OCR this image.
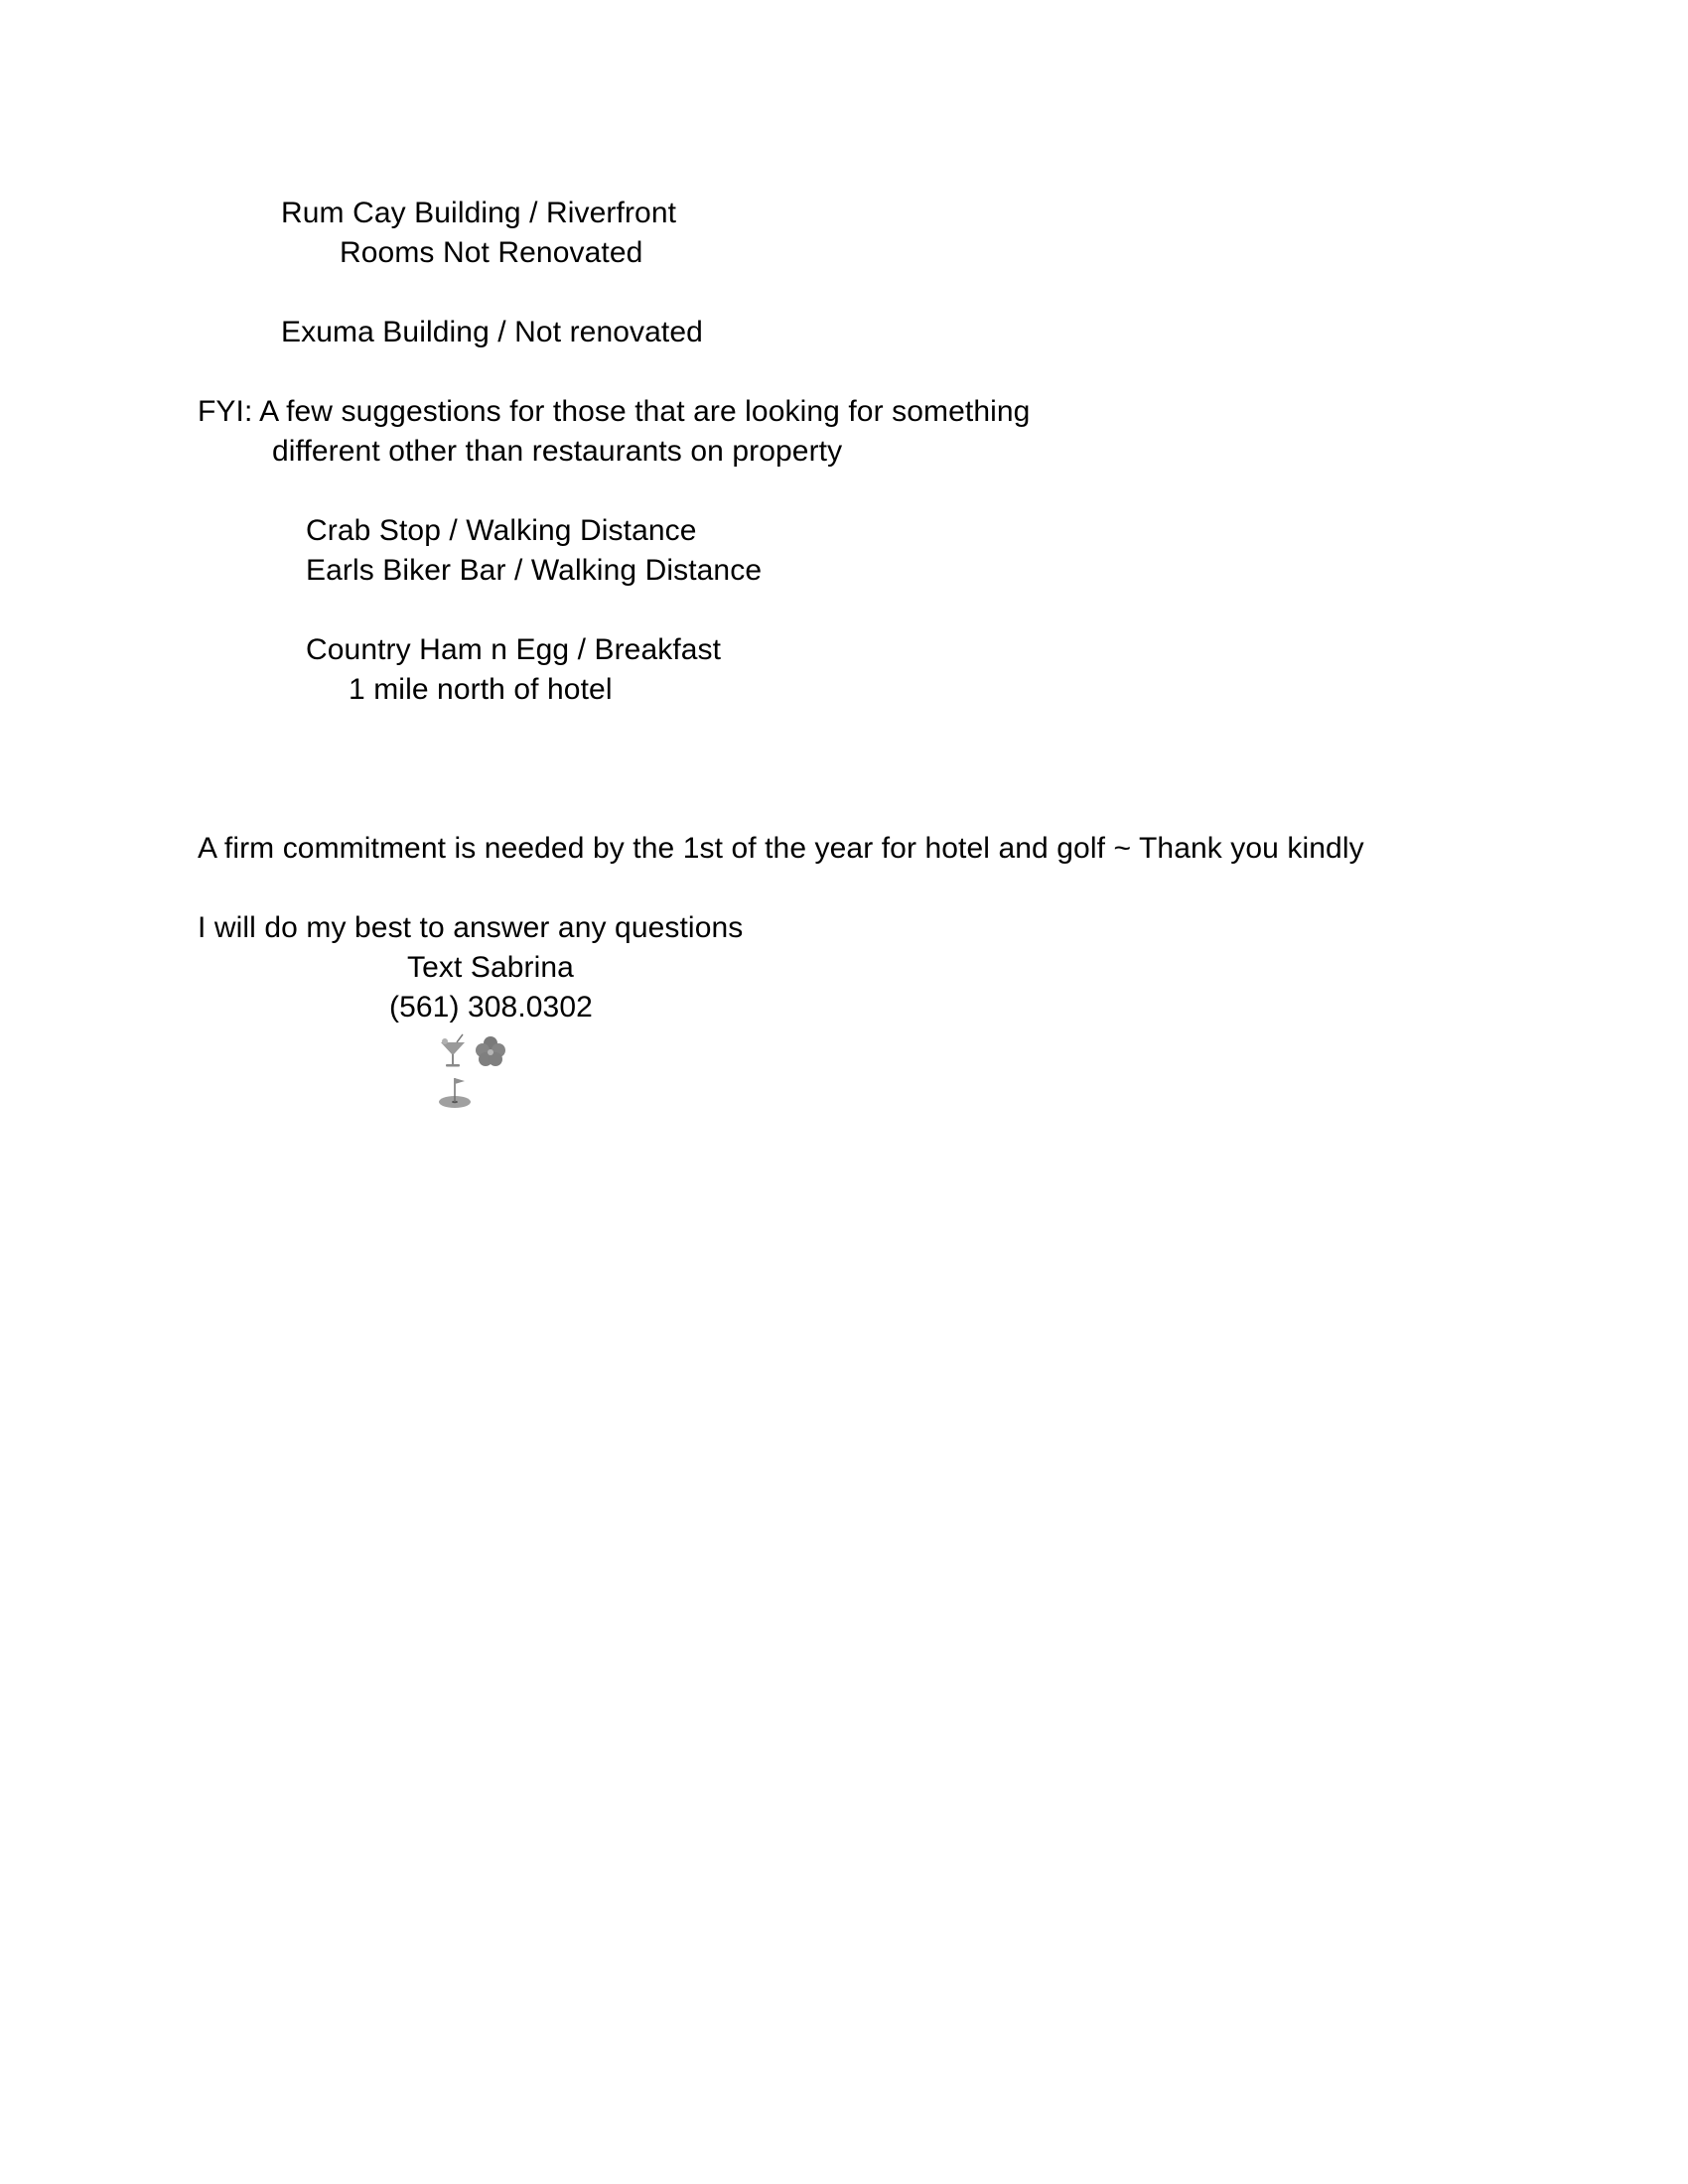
Rum Cay Building / Riverfront
Rooms Not Renovated
Exuma Building / Not renovated
FYI: A few suggestions for those that are looking for something
different other than restaurants on property
Crab Stop / Walking Distance
Earls Biker Bar / Walking Distance
Country Ham n Egg / Breakfast
1 mile north of hotel
A firm commitment is needed by the 1st of the year for hotel and golf ~ Thank you kindly
I will do my best to answer any questions
Text Sabrina
(561) 308.0302
